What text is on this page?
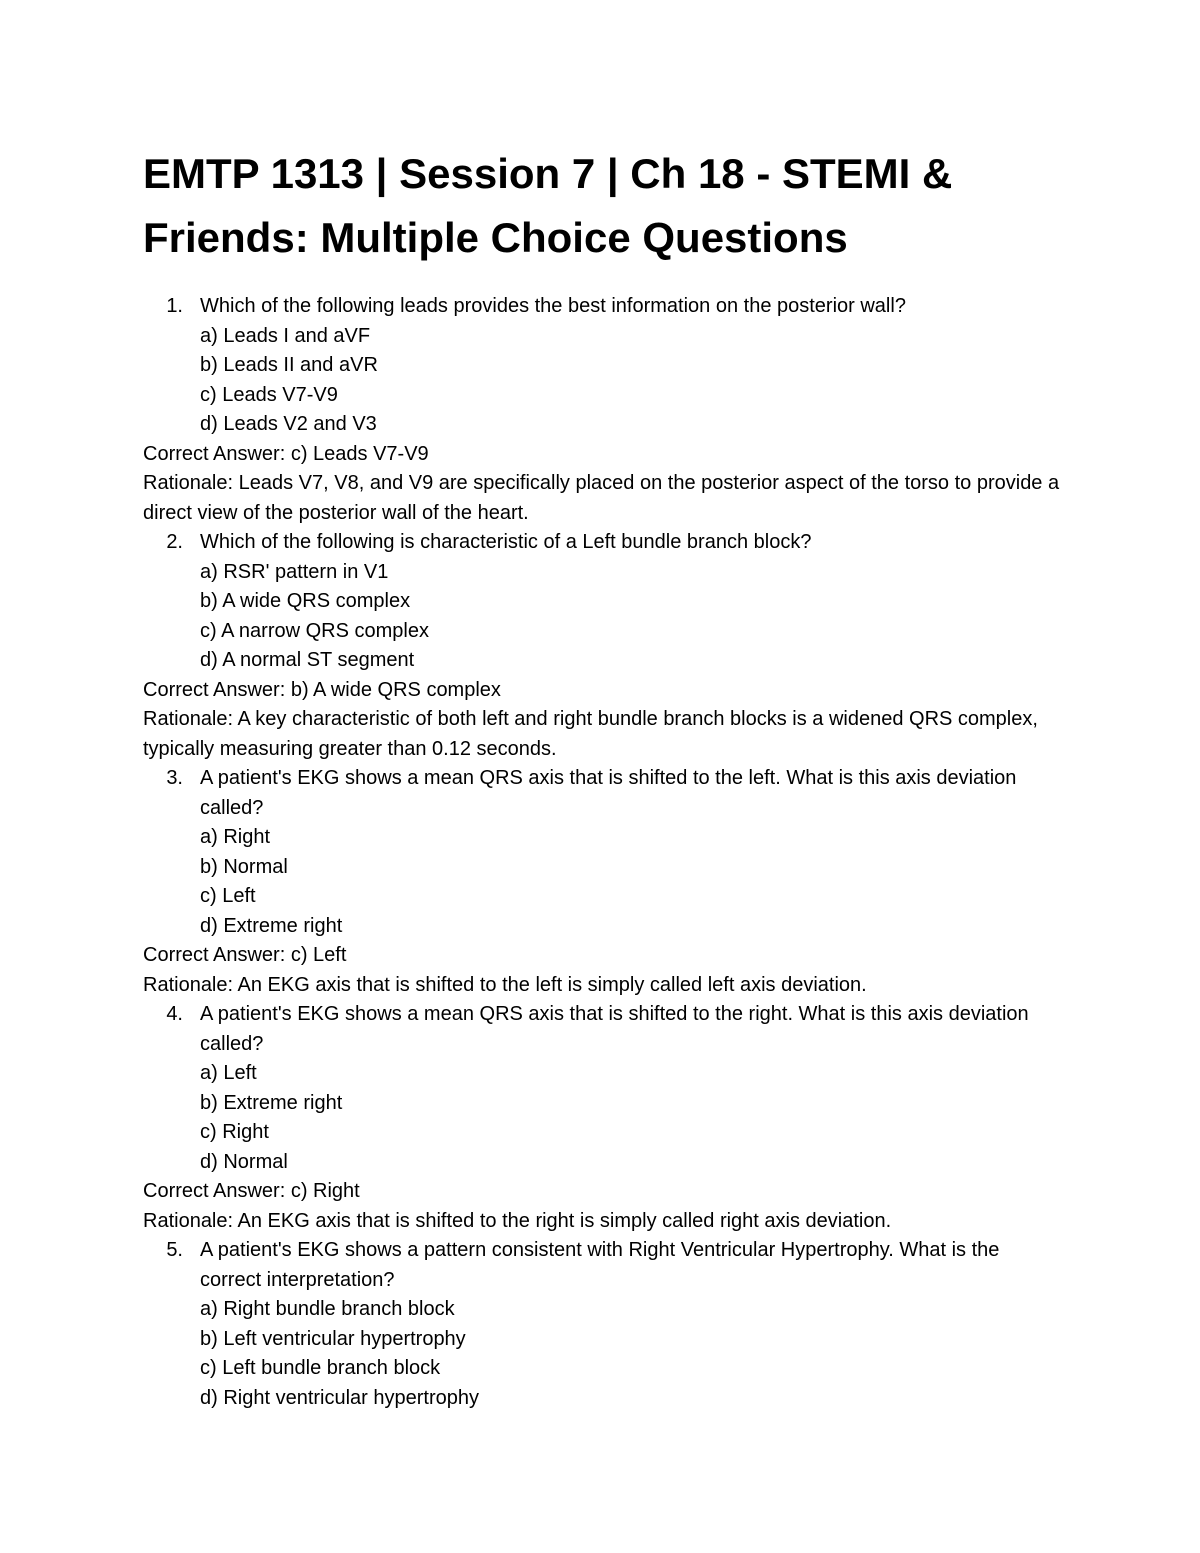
EMTP 1313 | Session 7 | Ch 18 - STEMI & Friends: Multiple Choice Questions
1. Which of the following leads provides the best information on the posterior wall?
a) Leads I and aVF
b) Leads II and aVR
c) Leads V7-V9
d) Leads V2 and V3
Correct Answer: c) Leads V7-V9
Rationale: Leads V7, V8, and V9 are specifically placed on the posterior aspect of the torso to provide a direct view of the posterior wall of the heart.
2. Which of the following is characteristic of a Left bundle branch block?
a) RSR' pattern in V1
b) A wide QRS complex
c) A narrow QRS complex
d) A normal ST segment
Correct Answer: b) A wide QRS complex
Rationale: A key characteristic of both left and right bundle branch blocks is a widened QRS complex, typically measuring greater than 0.12 seconds.
3. A patient's EKG shows a mean QRS axis that is shifted to the left. What is this axis deviation called?
a) Right
b) Normal
c) Left
d) Extreme right
Correct Answer: c) Left
Rationale: An EKG axis that is shifted to the left is simply called left axis deviation.
4. A patient's EKG shows a mean QRS axis that is shifted to the right. What is this axis deviation called?
a) Left
b) Extreme right
c) Right
d) Normal
Correct Answer: c) Right
Rationale: An EKG axis that is shifted to the right is simply called right axis deviation.
5. A patient's EKG shows a pattern consistent with Right Ventricular Hypertrophy. What is the correct interpretation?
a) Right bundle branch block
b) Left ventricular hypertrophy
c) Left bundle branch block
d) Right ventricular hypertrophy
